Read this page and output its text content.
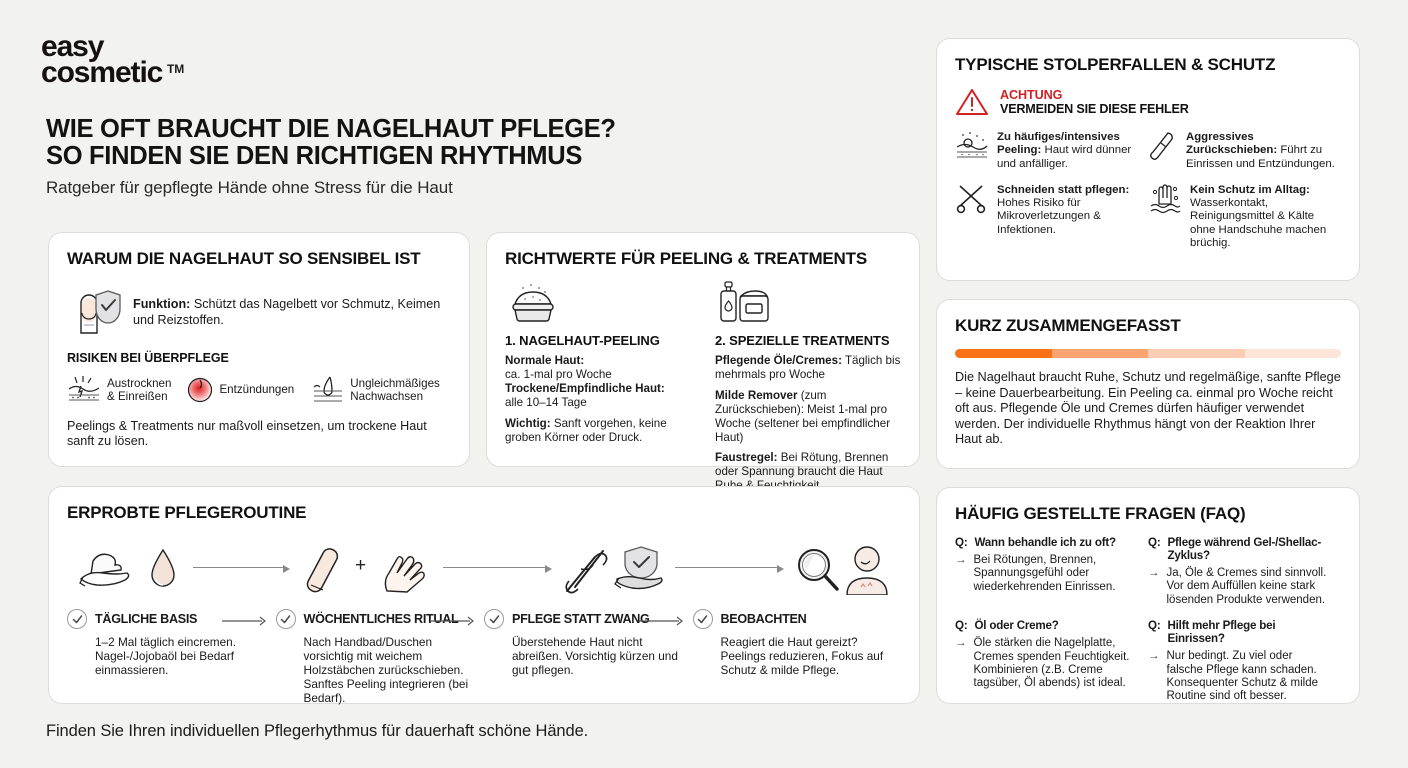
easy
cosmetic TM
WIE OFT BRAUCHT DIE NAGELHAUT PFLEGE?
SO FINDEN SIE DEN RICHTIGEN RHYTHMUS
Ratgeber für gepflegte Hände ohne Stress für die Haut
WARUM DIE NAGELHAUT SO SENSIBEL IST
Funktion: Schützt das Nagelbett vor Schmutz, Keimen und Reizstoffen.
RISIKEN BEI ÜBERPFLEGE
Austrocknen
& Einreißen
Entzündungen
Ungleichmäßiges
Nachwachsen
Peelings & Treatments nur maßvoll einsetzen, um trockene Haut sanft zu lösen.
RICHTWERTE FÜR PEELING & TREATMENTS
1. NAGELHAUT-PEELING

Normale Haut:
ca. 1-mal pro Woche
Trockene/Empfindliche Haut:
alle 10–14 Tage

Wichtig: Sanft vorgehen, keine groben Körner oder Druck.

2. SPEZIELLE TREATMENTS

Pflegende Öle/Cremes: Täglich bis mehrmals pro Woche

Milde Remover (zum Zurückschieben): Meist 1-mal pro Woche (seltener bei empfindlicher Haut)

Faustregel: Bei Rötung, Brennen oder Spannung braucht die Haut

ERPROBTE PFLEGEROUTINE
+
TÄGLICHE BASIS
1–2 Mal täglich eincremen. Nagel-/Jojobaöl bei Bedarf einmassieren.
WÖCHENTLICHES RITUAL
Nach Handbad/Duschen vorsichtig mit weichem Holzstäbchen zurückschieben. Sanftes Peeling integrieren (bei Bedarf).
PFLEGE STATT ZWANG
Überstehende Haut nicht abreißen. Vorsichtig kürzen und gut pflegen.
BEOBACHTEN
Reagiert die Haut gereizt? Peelings reduzieren, Fokus auf Schutz & milde Pflege.
TYPISCHE STOLPERFALLEN & SCHUTZ
ACHTUNG
VERMEIDEN SIE DIESE FEHLER
Zu häufiges/intensives Peeling: Haut wird dünner und anfälliger.
Aggressives Zurückschieben: Führt zu Einrissen und Entzündungen.
Schneiden statt pflegen: Hohes Risiko für Mikroverletzungen & Infektionen.
Kein Schutz im Alltag: Wasserkontakt, Reinigungsmittel & Kälte ohne Handschuhe machen brüchig.
KURZ ZUSAMMENGEFASST
Die Nagelhaut braucht Ruhe, Schutz und regelmäßige, sanfte Pflege – keine Dauerbearbeitung. Ein Peeling ca. einmal pro Woche reicht oft aus. Pflegende Öle und Cremes dürfen häufiger verwendet werden. Der individuelle Rhythmus hängt von der Reaktion Ihrer Haut ab.
HÄUFIG GESTELLTE FRAGEN (FAQ)
Q: Wann behandle ich zu oft?
→ Bei Rötungen, Brennen, Spannungsgefühl oder wiederkehrenden Einrissen.
Q: Pflege während Gel-/Shellac-Zyklus?
→ Ja, Öle & Cremes sind sinnvoll. Vor dem Auffüllen keine stark lösenden Produkte verwenden.
Q: Öl oder Creme?
→ Öle stärken die Nagelplatte, Cremes spenden Feuchtigkeit. Kombinieren (z.B. Creme tagsüber, Öl abends) ist ideal.
Q: Hilft mehr Pflege bei Einrissen?
→ Nur bedingt. Zu viel oder falsche Pflege kann schaden. Konsequenter Schutz & milde Routine sind oft besser.
Finden Sie Ihren individuellen Pflegerhythmus für dauerhaft schöne Hände.
